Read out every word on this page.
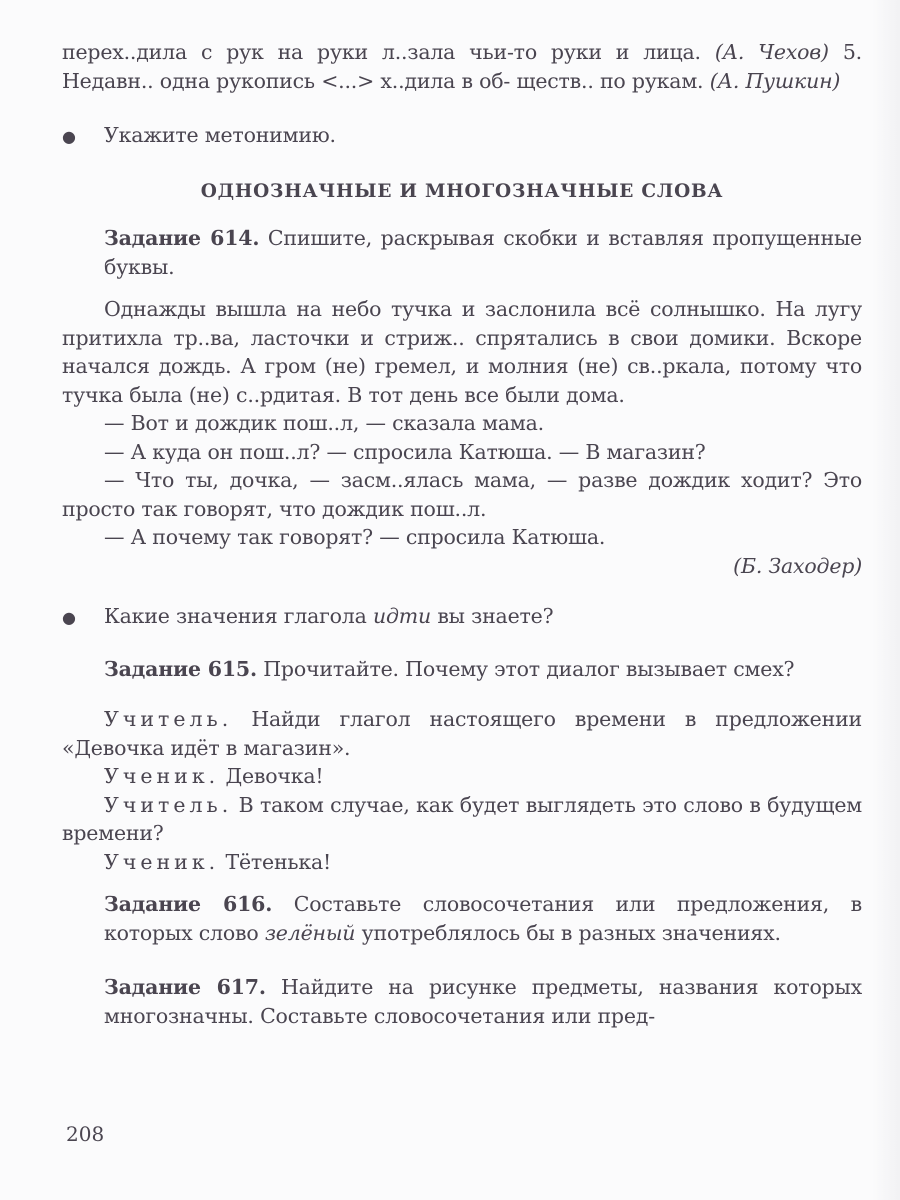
перех..дила с рук на руки л..зала чьи-то руки и лица. (А. Чехов) 5. Недавн.. одна рукопись <...> х..дила в об- ществ.. по рукам. (А. Пушкин)

●	Укажите метонимию.
ОДНОЗНАЧНЫЕ И МНОГОЗНАЧНЫЕ СЛОВА

Задание 614. Спишите, раскрывая скобки и вставляя пропущенные буквы.

Однажды вышла на небо тучка и заслонила всё солнышко. На лугу притихла тр..ва, ласточки и стриж.. спрятались в свои домики. Вскоре начался дождь. А гром (не) гремел, и молния (не) св..ркала, потому что тучка была (не) с..рдитая. В тот день все были дома.

— Вот и дождик пош..л, — сказала мама.

— А куда он пош..л? — спросила Катюша. — В магазин?

— Что ты, дочка, — засм..ялась мама, — разве дождик ходит? Это просто так говорят, что дождик пош..л.

— А почему так говорят? — спросила Катюша.

(Б. Заходер)

●	Какие значения глагола идти вы знаете?

Задание 615. Прочитайте. Почему этот диалог вызывает смех?

Учитель. Найди глагол настоящего времени в предложении «Девочка идёт в магазин».

Ученик. Девочка!

Учитель. В таком случае, как будет выглядеть это слово в будущем времени?

Ученик. Тётенька!

Задание 616. Составьте словосочетания или предложения, в которых слово зелёный употреблялось бы в разных значениях.

Задание 617. Найдите на рисунке предметы, названия которых многозначны. Составьте словосочетания или пред-

208
